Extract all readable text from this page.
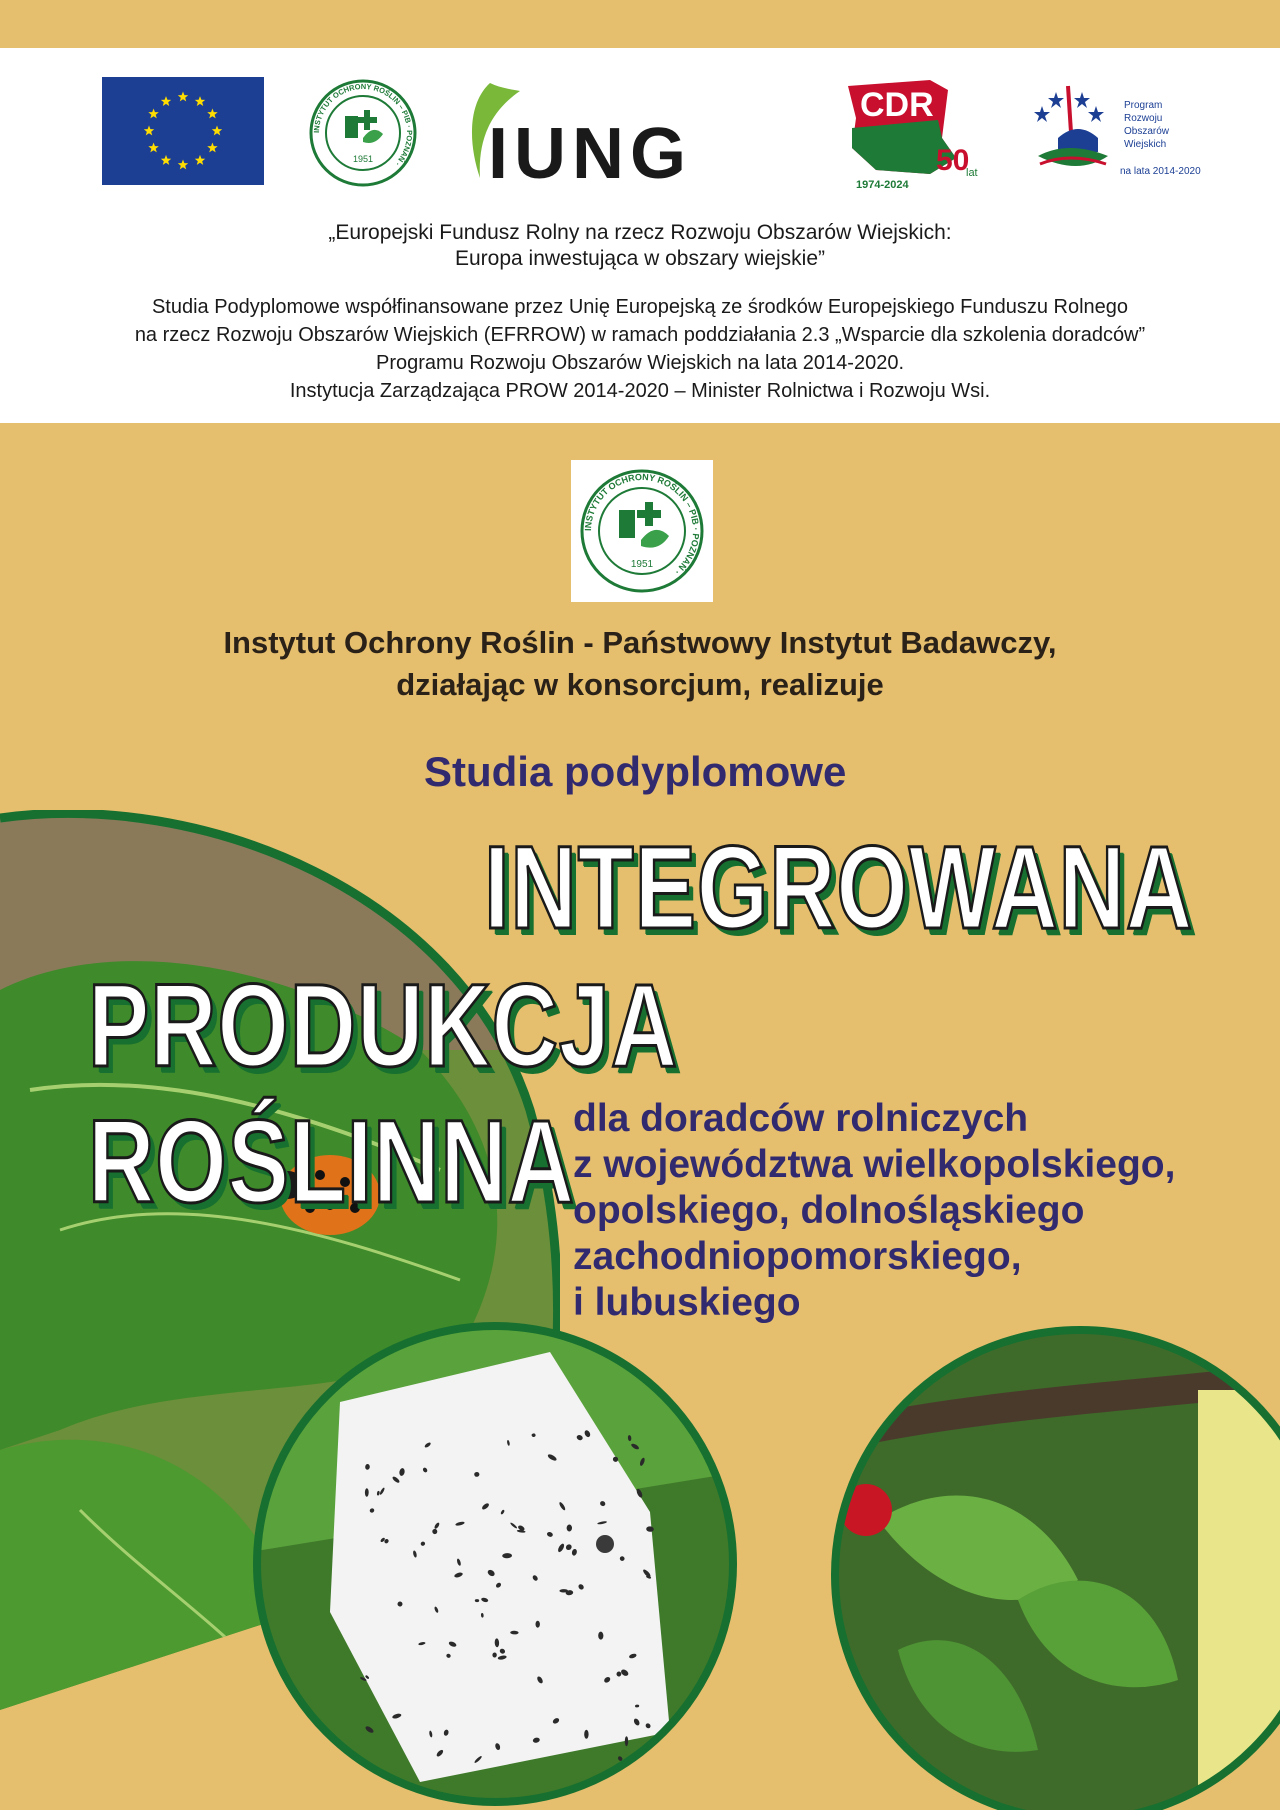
INSTYTUT OCHRONY ROŚLIN – PIB · POZNAŃ ·
1951 IUNG
CDR
1974-2024
50
lat
Program
Rozwoju
Obszarów
Wiejskich
na lata 2014-2020
„Europejski Fundusz Rolny na rzecz Rozwoju Obszarów Wiejskich:
Europa inwestująca w obszary wiejskie”
Studia Podyplomowe współfinansowane przez Unię Europejską ze środków Europejskiego Funduszu Rolnego
na rzecz Rozwoju Obszarów Wiejskich (EFRROW) w ramach poddziałania 2.3 „Wsparcie dla szkolenia doradców”
Programu Rozwoju Obszarów Wiejskich na lata 2014-2020.
Instytucja Zarządzająca PROW 2014-2020 – Minister Rolnictwa i Rozwoju Wsi.
INSTYTUT OCHRONY ROŚLIN – PIB · POZNAŃ ·
1951
Instytut Ochrony Roślin - Państwowy Instytut Badawczy,
działając w konsorcjum, realizuje
Studia podyplomowe
INTEGROWANA
PRODUKCJA ROŚLINNA
dla doradców rolniczych
z województwa wielkopolskiego,
opolskiego, dolnośląskiego
zachodniopomorskiego,
i lubuskiego
